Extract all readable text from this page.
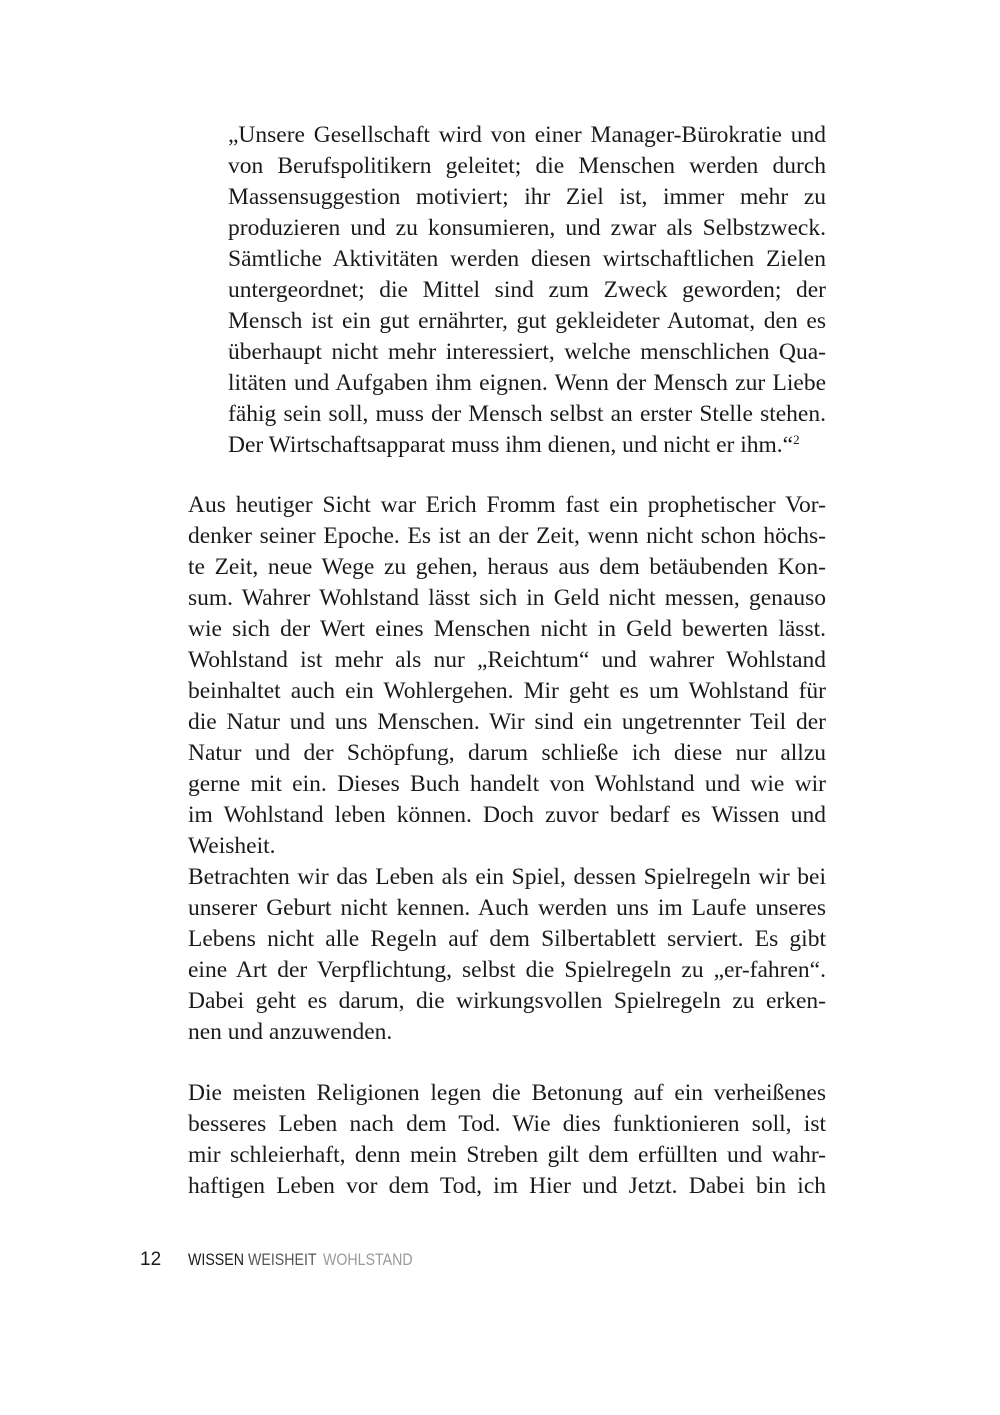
„Unsere Gesellschaft wird von einer Manager-Bürokratie und
von Berufspolitikern geleitet; die Menschen werden durch
Massensuggestion motiviert; ihr Ziel ist, immer mehr zu
produzieren und zu konsumieren, und zwar als Selbstzweck.
Sämtliche Aktivitäten werden diesen wirtschaftlichen Zielen
untergeordnet; die Mittel sind zum Zweck geworden; der
Mensch ist ein gut ernährter, gut gekleideter Automat, den es
überhaupt nicht mehr interessiert, welche menschlichen Qua-
litäten und Aufgaben ihm eignen. Wenn der Mensch zur Liebe
fähig sein soll, muss der Mensch selbst an erster Stelle stehen.
Der Wirtschaftsapparat muss ihm dienen, und nicht er ihm.“$^2$
Aus heutiger Sicht war Erich Fromm fast ein prophetischer Vor-
denker seiner Epoche. Es ist an der Zeit, wenn nicht schon höchs-
te Zeit, neue Wege zu gehen, heraus aus dem betäubenden Kon-
sum. Wahrer Wohlstand lässt sich in Geld nicht messen, genauso
wie sich der Wert eines Menschen nicht in Geld bewerten lässt.
Wohlstand ist mehr als nur „Reichtum“ und wahrer Wohlstand
beinhaltet auch ein Wohlergehen. Mir geht es um Wohlstand für
die Natur und uns Menschen. Wir sind ein ungetrennter Teil der
Natur und der Schöpfung, darum schließe ich diese nur allzu
gerne mit ein. Dieses Buch handelt von Wohlstand und wie wir
im Wohlstand leben können. Doch zuvor bedarf es Wissen und
Weisheit.
Betrachten wir das Leben als ein Spiel, dessen Spielregeln wir bei
unserer Geburt nicht kennen. Auch werden uns im Laufe unseres
Lebens nicht alle Regeln auf dem Silbertablett serviert. Es gibt
eine Art der Verpflichtung, selbst die Spielregeln zu „er-fahren“.
Dabei geht es darum, die wirkungsvollen Spielregeln zu erken-
nen und anzuwenden.
Die meisten Religionen legen die Betonung auf ein verheißenes
besseres Leben nach dem Tod. Wie dies funktionieren soll, ist
mir schleierhaft, denn mein Streben gilt dem erfüllten und wahr-
haftigen Leben vor dem Tod, im Hier und Jetzt. Dabei bin ich
12 WISSEN WEISHEIT WOHLSTAND
